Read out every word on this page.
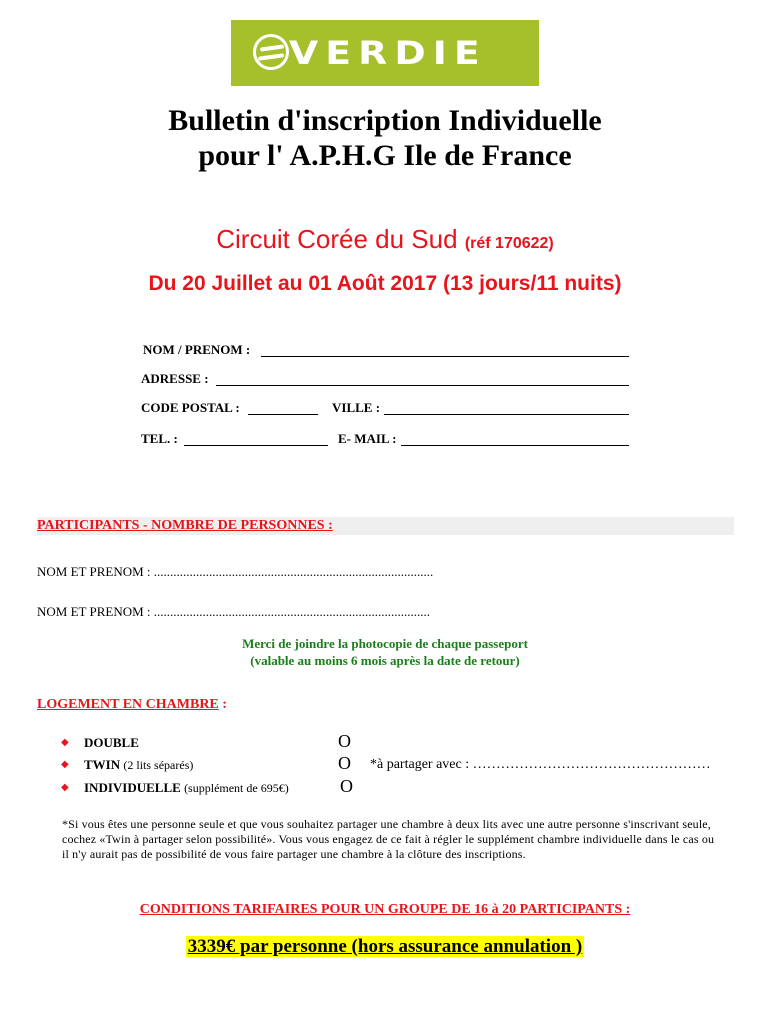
VERDIE
Bulletin d'inscription Individuelle
pour l' A.P.H.G Ile de France
Circuit Corée du Sud (réf 170622)
Du 20 Juillet au 01 Août 2017 (13 jours/11 nuits)
NOM / PRENOM :
ADRESSE :
CODE POSTAL :	VILLE :
TEL. :	E- MAIL :
PARTICIPANTS - NOMBRE DE PERSONNES :
NOM ET PRENOM : ......................................................................................
NOM ET PRENOM : .....................................................................................
Merci de joindre la photocopie de chaque passeport
(valable au moins 6 mois après la date de retour)
LOGEMENT EN CHAMBRE :
◆ DOUBLE	O
◆ TWIN (2 lits séparés)	O *à partager avec : ……………………………………………
◆ INDIVIDUELLE (supplément de 695€)	O
*Si vous êtes une personne seule et que vous souhaitez partager une chambre à deux lits avec une autre personne s'inscrivant seule, cochez «Twin à partager selon possibilité». Vous vous engagez de ce fait à régler le supplément chambre individuelle dans le cas ou il n'y aurait pas de possibilité de vous faire partager une chambre à la clôture des inscriptions.
CONDITIONS TARIFAIRES POUR UN GROUPE DE 16 à 20 PARTICIPANTS :
3339€ par personne (hors assurance annulation )
